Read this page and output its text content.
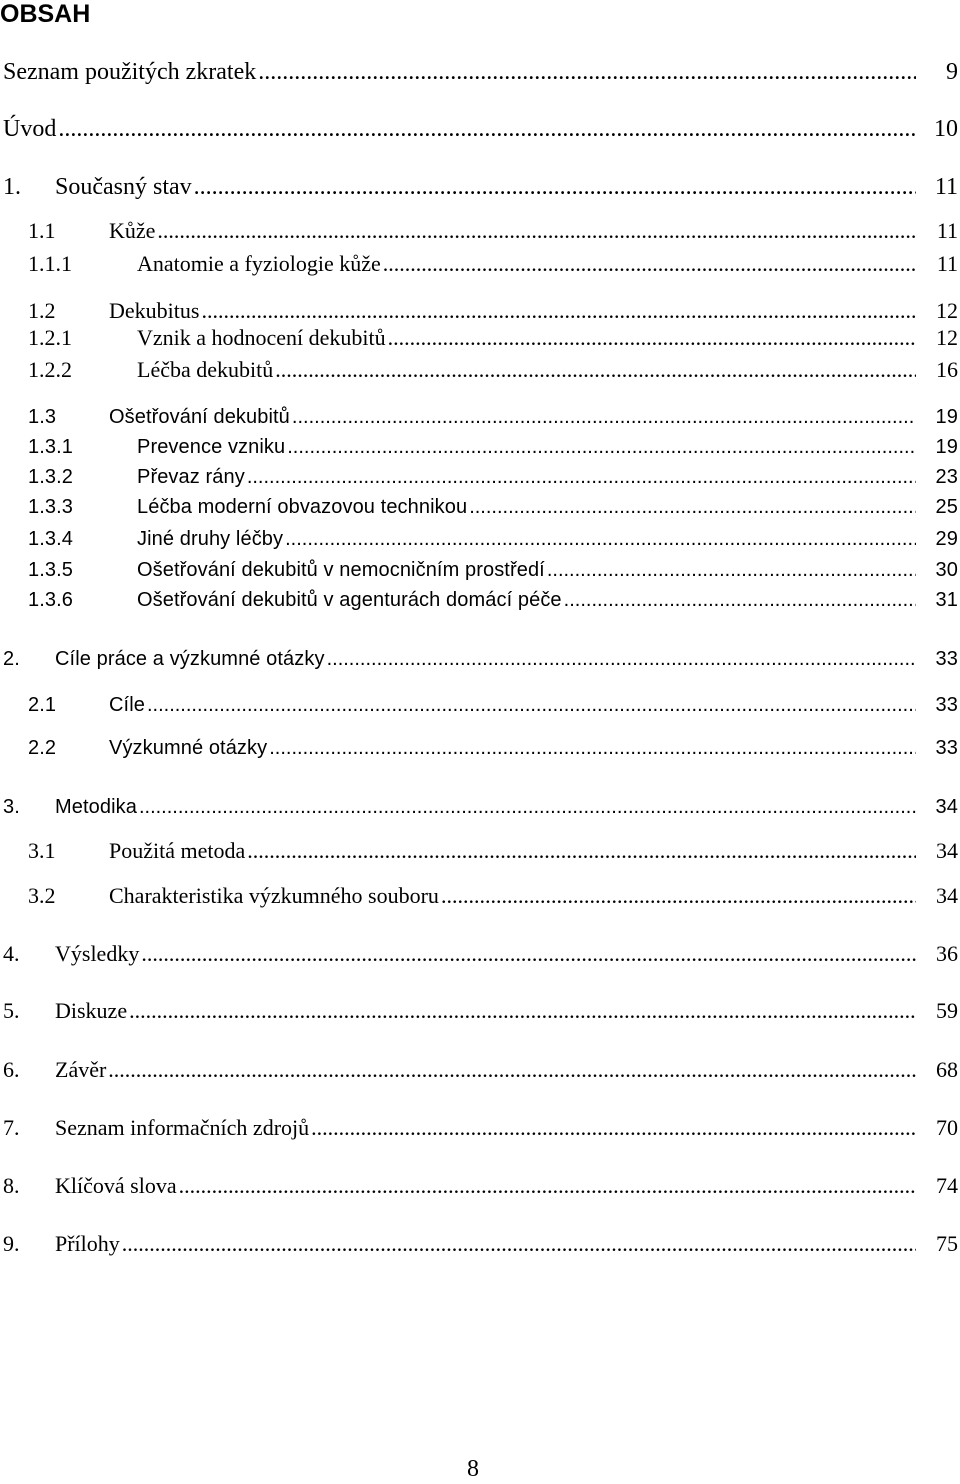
OBSAH
Seznam použitých zkratek .....	9
Úvod .....	10
1. Současný stav .....	11
1.1 Kůže .....	11
1.1.1	Anatomie a fyziologie kůže .....	11
1.2 Dekubitus .....	12
1.2.1	Vznik a hodnocení dekubitů .....	12
1.2.2	Léčba dekubitů .....	16
1.3	Ošetřování dekubitů .....	19
1.3.1	Prevence vzniku .....	19
1.3.2	Převaz rány .....	23
1.3.3	Léčba moderní obvazovou technikou .....	25
1.3.4	Jiné druhy léčby .....	29
1.3.5	Ošetřování dekubitů v nemocničním prostředí .....	30
1.3.6	Ošetřování dekubitů v agenturách domácí péče .....	31
2. Cíle práce a výzkumné otázky .....	33
2.1	Cíle .....	33
2.2	Výzkumné otázky .....	33
3. Metodika .....	34
3.1 Použitá metoda .....	34
3.2 Charakteristika výzkumného souboru .....	34
4. Výsledky .....	36
5. Diskuze .....	59
6. Závěr .....	68
7. Seznam informačních zdrojů .....	70
8. Klíčová slova .....	74
9. Přílohy .....	75
8
